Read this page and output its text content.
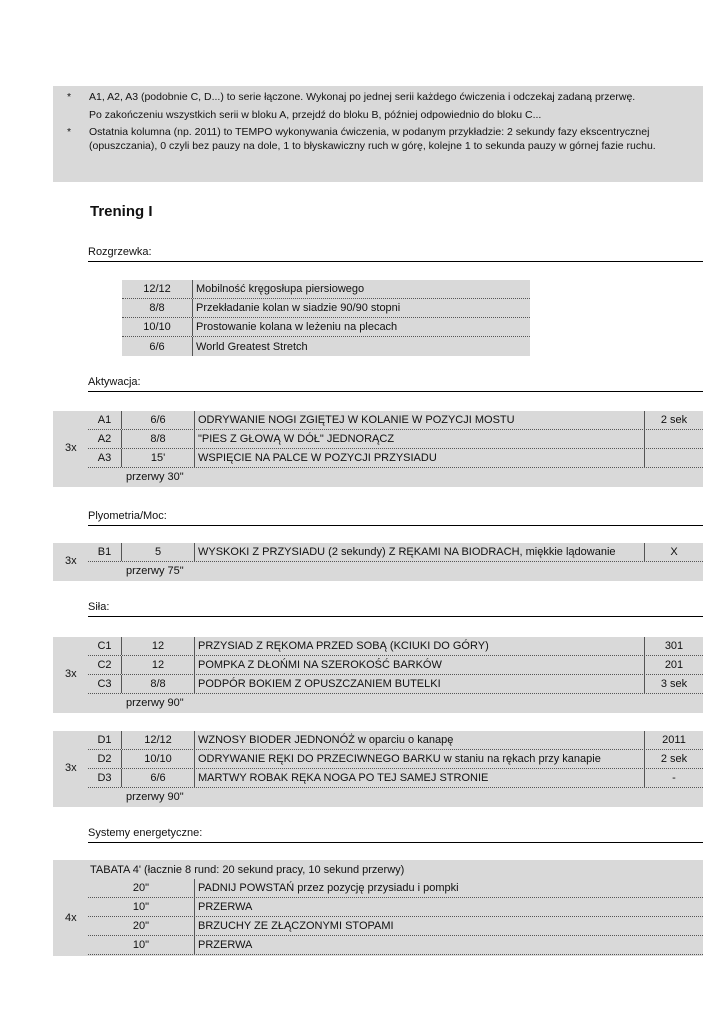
*	A1, A2, A3 (podobnie C, D...) to serie łączone. Wykonaj po jednej serii każdego ćwiczenia i odczekaj zadaną przerwę.
Po zakończeniu wszystkich serii w bloku A, przejdź do bloku B, później odpowiednio do bloku C...
*	Ostatnia kolumna (np. 2011) to TEMPO wykonywania ćwiczenia, w podanym przykładzie: 2 sekundy fazy ekscentrycznej (opuszczania), 0 czyli bez pauzy na dole, 1 to błyskawiczny ruch w górę, kolejne 1 to sekunda pauzy w górnej fazie ruchu.
Trening I
Rozgrzewka:
12/12	Mobilność kręgosłupa piersiowego
8/8	Przekładanie kolan w siadzie 90/90 stopni
10/10	Prostowanie kolana w leżeniu na plecach
6/6	World Greatest Stretch
Aktywacja:
3x
A1	6/6	ODRYWANIE NOGI ZGIĘTEJ W KOLANIE W POZYCJI MOSTU	2 sek
A2	8/8	"PIES Z GŁOWĄ W DÓŁ" JEDNORĄCZ
A3	15'	WSPIĘCIE NA PALCE W POZYCJI PRZYSIADU
przerwy 30"
Plyometria/Moc:
3x
B1	5	WYSKOKI Z PRZYSIADU (2 sekundy) Z RĘKAMI NA BIODRACH, miękkie lądowanie	X
przerwy 75"
Siła:
3x
C1	12	PRZYSIAD Z RĘKOMA PRZED SOBĄ (KCIUKI DO GÓRY)	301
C2	12	POMPKA Z DŁOŃMI NA SZEROKOŚĆ BARKÓW	201
C3	8/8	PODPÓR BOKIEM Z OPUSZCZANIEM BUTELKI	3 sek
przerwy 90"
3x
D1	12/12	WZNOSY BIODER JEDNONÓŻ w oparciu o kanapę	2011
D2	10/10	ODRYWANIE RĘKI DO PRZECIWNEGO BARKU w staniu na rękach przy kanapie	2 sek
D3	6/6	MARTWY ROBAK RĘKA NOGA PO TEJ SAMEJ STRONIE	-
przerwy 90"
Systemy energetyczne:
4x
TABATA 4' (łacznie 8 rund: 20 sekund pracy, 10 sekund przerwy)
20"	PADNIJ POWSTAŃ przez pozycję przysiadu i pompki
10"	PRZERWA
20"	BRZUCHY ZE ZŁĄCZONYMI STOPAMI
10"	PRZERWA
